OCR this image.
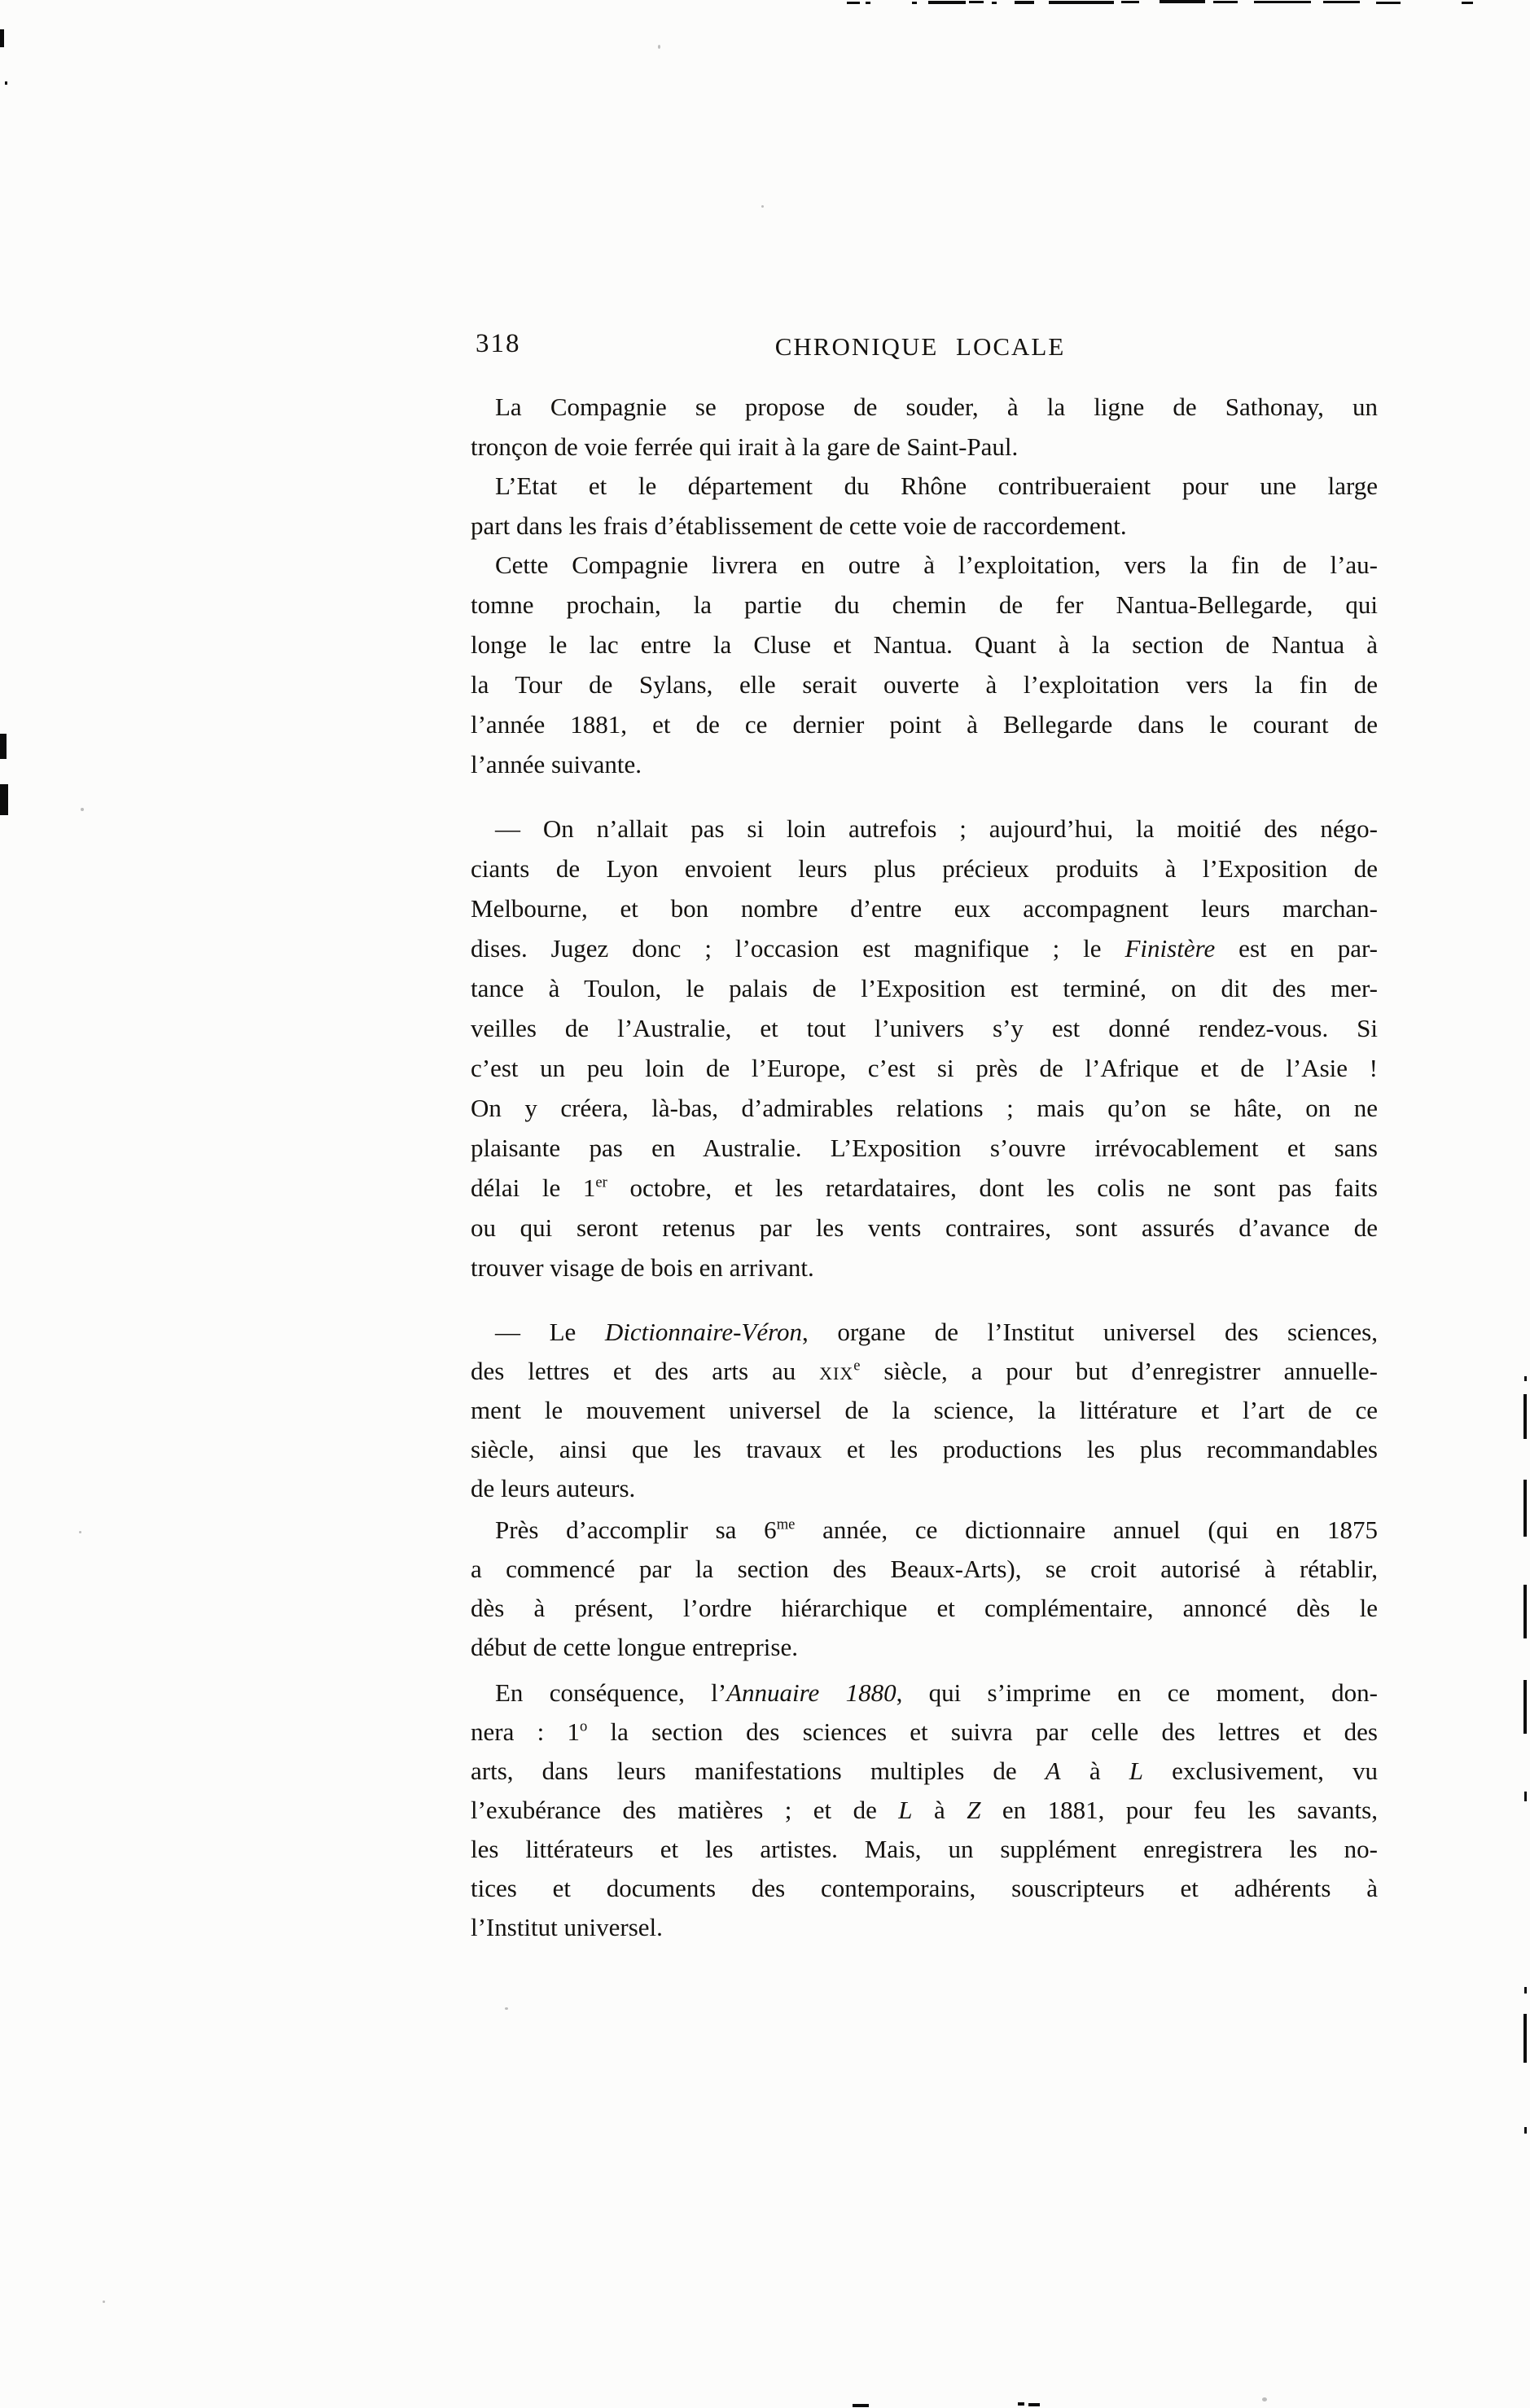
318	CHRONIQUE LOCALE
La Compagnie se propose de souder, à la ligne de Sathonay, un
tronçon de voie ferrée qui irait à la gare de Saint-Paul.
L’Etat et le département du Rhône contribueraient pour une large
part dans les frais d’établissement de cette voie de raccordement.
Cette Compagnie livrera en outre à l’exploitation, vers la fin de l’au-
tomne prochain, la partie du chemin de fer Nantua-Bellegarde, qui
longe le lac entre la Cluse et Nantua. Quant à la section de Nantua à
la Tour de Sylans, elle serait ouverte à l’exploitation vers la fin de
l’année 1881, et de ce dernier point à Bellegarde dans le courant de
l’année suivante.
— On n’allait pas si loin autrefois ; aujourd’hui, la moitié des négo-
ciants de Lyon envoient leurs plus précieux produits à l’Exposition de
Melbourne, et bon nombre d’entre eux accompagnent leurs marchan-
dises. Jugez donc ; l’occasion est magnifique ; le Finistère est en par-
tance à Toulon, le palais de l’Exposition est terminé, on dit des mer-
veilles de l’Australie, et tout l’univers s’y est donné rendez-vous. Si
c’est un peu loin de l’Europe, c’est si près de l’Afrique et de l’Asie !
On y créera, là-bas, d’admirables relations ; mais qu’on se hâte, on ne
plaisante pas en Australie. L’Exposition s’ouvre irrévocablement et sans
délai le 1er octobre, et les retardataires, dont les colis ne sont pas faits
ou qui seront retenus par les vents contraires, sont assurés d’avance de
trouver visage de bois en arrivant.
— Le Dictionnaire-Véron, organe de l’Institut universel des sciences,
des lettres et des arts au xix$^e$ siècle, a pour but d’enregistrer annuelle-
ment le mouvement universel de la science, la littérature et l’art de ce
siècle, ainsi que les travaux et les productions les plus recommandables
de leurs auteurs.
Près d’accomplir sa $6^{me}$ année, ce dictionnaire annuel (qui en 1875
a commencé par la section des Beaux-Arts), se croit autorisé à rétablir,
dès à présent, l’ordre hiérarchique et complémentaire, annoncé dès le
début de cette longue entreprise.
En conséquence, l’Annuaire 1880, qui s’imprime en ce moment, don-
nera : 1$^o$ la section des sciences et suivra par celle des lettres et des
arts, dans leurs manifestations multiples de A à L exclusivement, vu
l’exubérance des matières ; et de L à Z en 1881, pour feu les savants,
les littérateurs et les artistes. Mais, un supplément enregistrera les no-
tices et documents des contemporains, souscripteurs et adhérents à
l’Institut universel.
